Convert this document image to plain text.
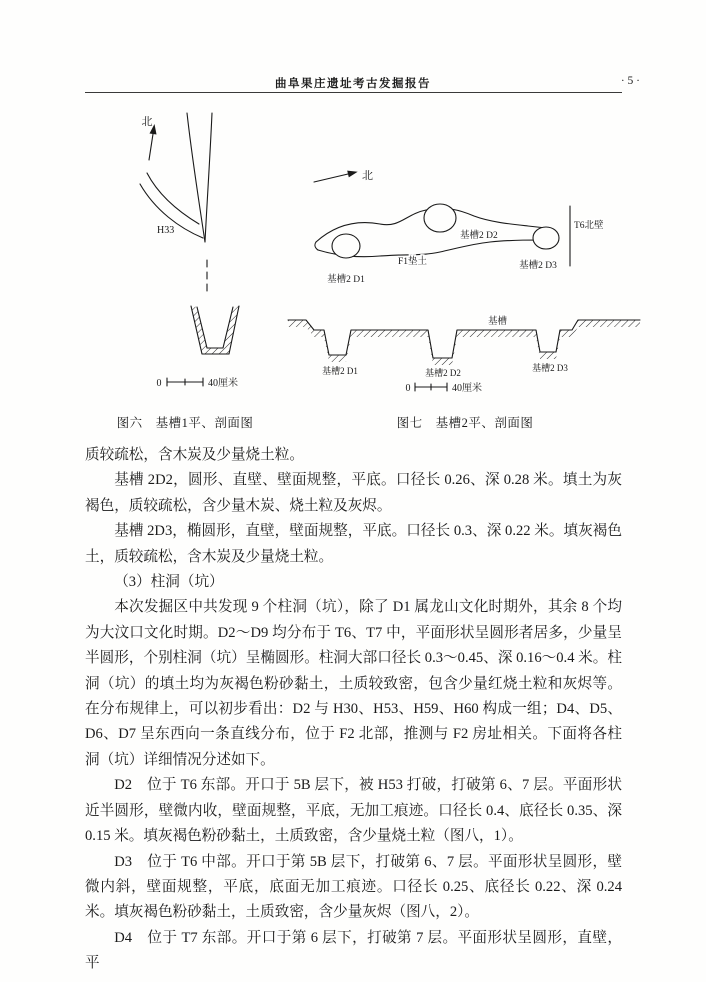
曲阜果庄遗址考古发掘报告	· 5 ·
北
H33
0	40厘米
北
T6北壁
基槽2 D2
F1垫土
基槽2 D1
基槽2 D3
基槽
基槽2 D1	基槽2 D2	基槽2 D3
0	40厘米
图六　基槽1平、剖面图	图七　基槽2平、剖面图

质较疏松，含木炭及少量烧土粒。

基槽 2D2，圆形、直壁、壁面规整，平底。口径长 0.26、深 0.28 米。填土为灰褐色，质较疏松，含少量木炭、烧土粒及灰烬。

基槽 2D3，椭圆形，直壁，壁面规整，平底。口径长 0.3、深 0.22 米。填灰褐色土，质较疏松，含木炭及少量烧土粒。

（3）柱洞（坑）

本次发掘区中共发现 9 个柱洞（坑），除了 D1 属龙山文化时期外，其余 8 个均为大汶口文化时期。D2～D9 均分布于 T6、T7 中，平面形状呈圆形者居多，少量呈半圆形，个别柱洞（坑）呈椭圆形。柱洞大部口径长 0.3～0.45、深 0.16～0.4 米。柱洞（坑）的填土均为灰褐色粉砂黏土，土质较致密，包含少量红烧土粒和灰烬等。在分布规律上，可以初步看出：D2 与 H30、H53、H59、H60 构成一组；D4、D5、D6、D7 呈东西向一条直线分布，位于 F2 北部，推测与 F2 房址相关。下面将各柱洞（坑）详细情况分述如下。

D2　位于 T6 东部。开口于 5B 层下，被 H53 打破，打破第 6、7 层。平面形状近半圆形，壁微内收，壁面规整，平底，无加工痕迹。口径长 0.4、底径长 0.35、深 0.15 米。填灰褐色粉砂黏土，土质致密，含少量烧土粒（图八，1）。

D3　位于 T6 中部。开口于第 5B 层下，打破第 6、7 层。平面形状呈圆形，壁微内斜，壁面规整，平底，底面无加工痕迹。口径长 0.25、底径长 0.22、深 0.24 米。填灰褐色粉砂黏土，土质致密，含少量灰烬（图八，2）。

D4　位于 T7 东部。开口于第 6 层下，打破第 7 层。平面形状呈圆形，直壁，平
